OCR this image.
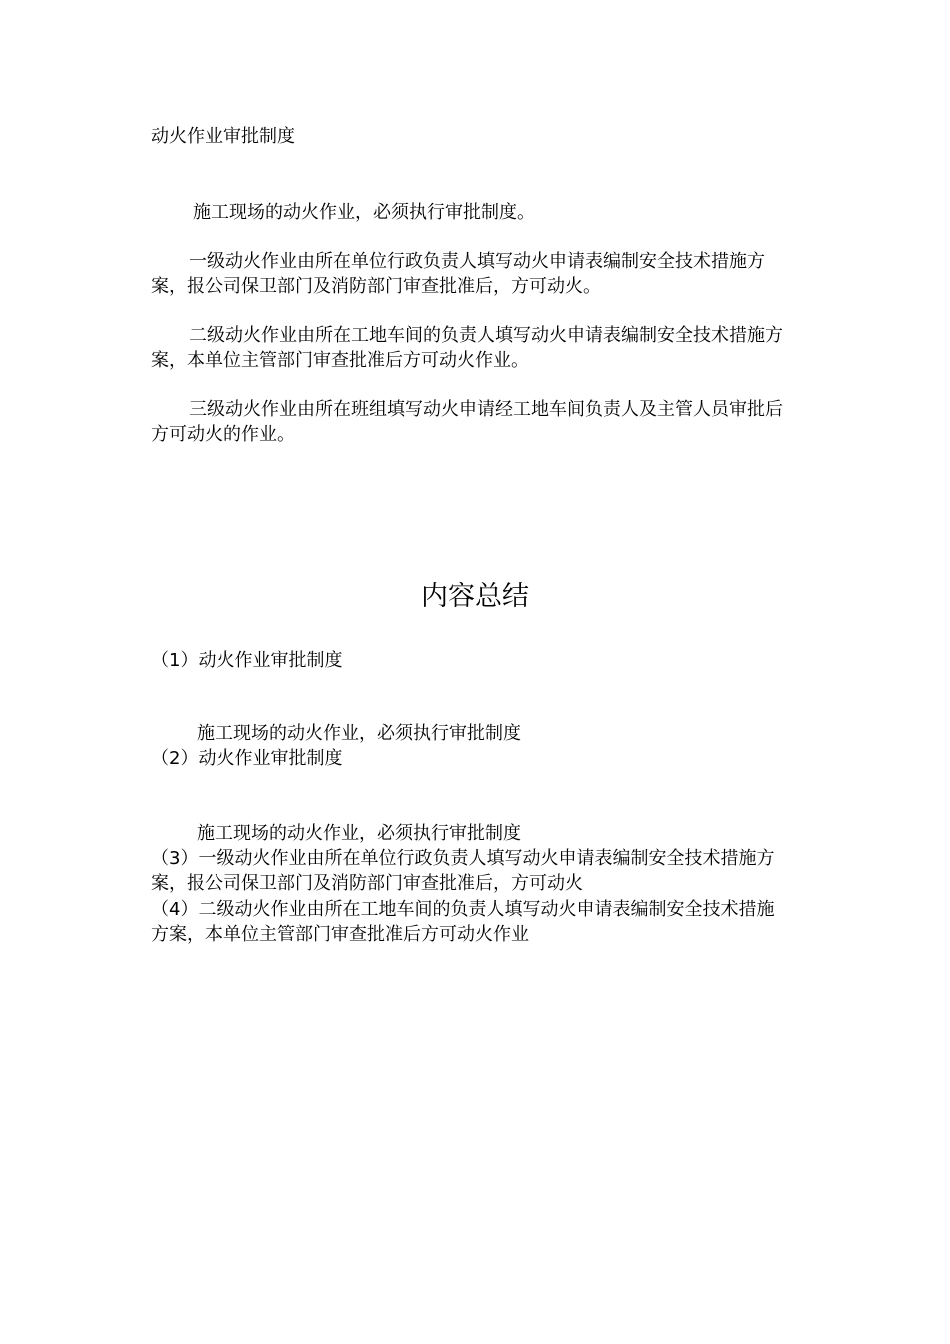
动火作业审批制度
施工现场的动火作业，必须执行审批制度。
一级动火作业由所在单位行政负责人填写动火申请表编制安全技术措施方案，报公司保卫部门及消防部门审查批准后，方可动火。
二级动火作业由所在工地车间的负责人填写动火申请表编制安全技术措施方案，本单位主管部门审查批准后方可动火作业。
三级动火作业由所在班组填写动火申请经工地车间负责人及主管人员审批后方可动火的作业。
内容总结
（1）动火作业审批制度
施工现场的动火作业，必须执行审批制度
（2）动火作业审批制度
施工现场的动火作业，必须执行审批制度
（3）一级动火作业由所在单位行政负责人填写动火申请表编制安全技术措施方案，报公司保卫部门及消防部门审查批准后，方可动火
（4）二级动火作业由所在工地车间的负责人填写动火申请表编制安全技术措施方案，本单位主管部门审查批准后方可动火作业
